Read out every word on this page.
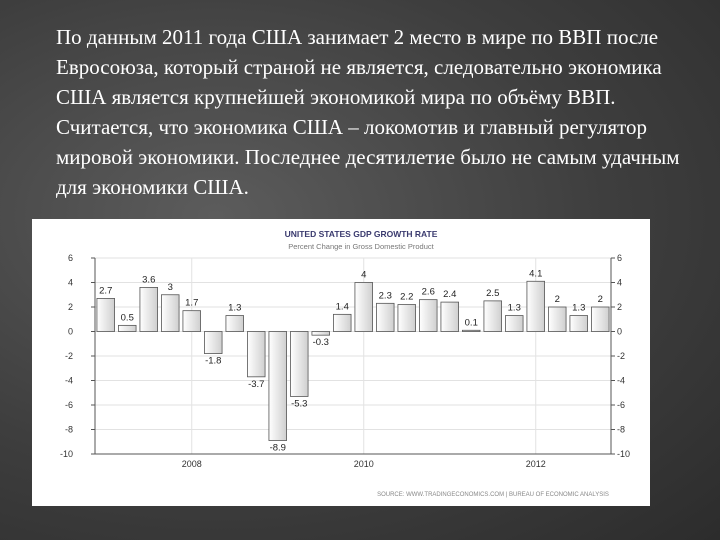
По данным 2011 года США занимает 2 место в мире по ВВП после Евросоюза, который страной не является, следовательно экономика США является крупнейшей экономикой мира по объёму ВВП. Считается, что экономика США – локомотив и главный регулятор мировой экономики. Последнее десятилетие было не самым удачным для экономики США.
UNITED STATES GDP GROWTH RATE
Percent Change in Gross Domestic Product
2.7
0.5
3.6
3
1.7
-1.8
1.3
-3.7
-8.9
-5.3
-0.3
1.4
4
2.3 2.2 2.6 2.4
0.1
2.5
1.3
4.1
2
1.3
2
6	6
4	4
2	2
0	0
-2	-2
-4	-4
-6	-6
-8	-8
-10	-10
2008	2010	2012
SOURCE: WWW.TRADINGECONOMICS.COM | BUREAU OF ECONOMIC ANALYSIS
